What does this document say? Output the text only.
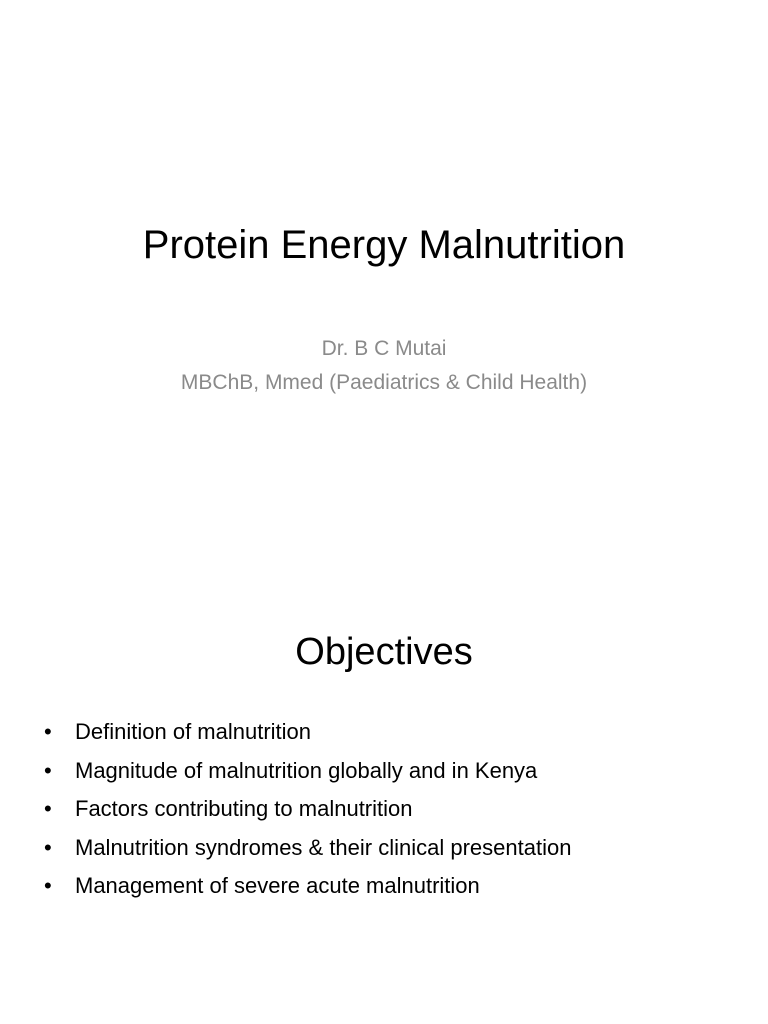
Protein Energy Malnutrition
Dr. B C Mutai
MBChB, Mmed (Paediatrics & Child Health)
Objectives
• Definition of malnutrition
• Magnitude of malnutrition globally and in Kenya
• Factors contributing to malnutrition
• Malnutrition syndromes & their clinical presentation
• Management of severe acute malnutrition
